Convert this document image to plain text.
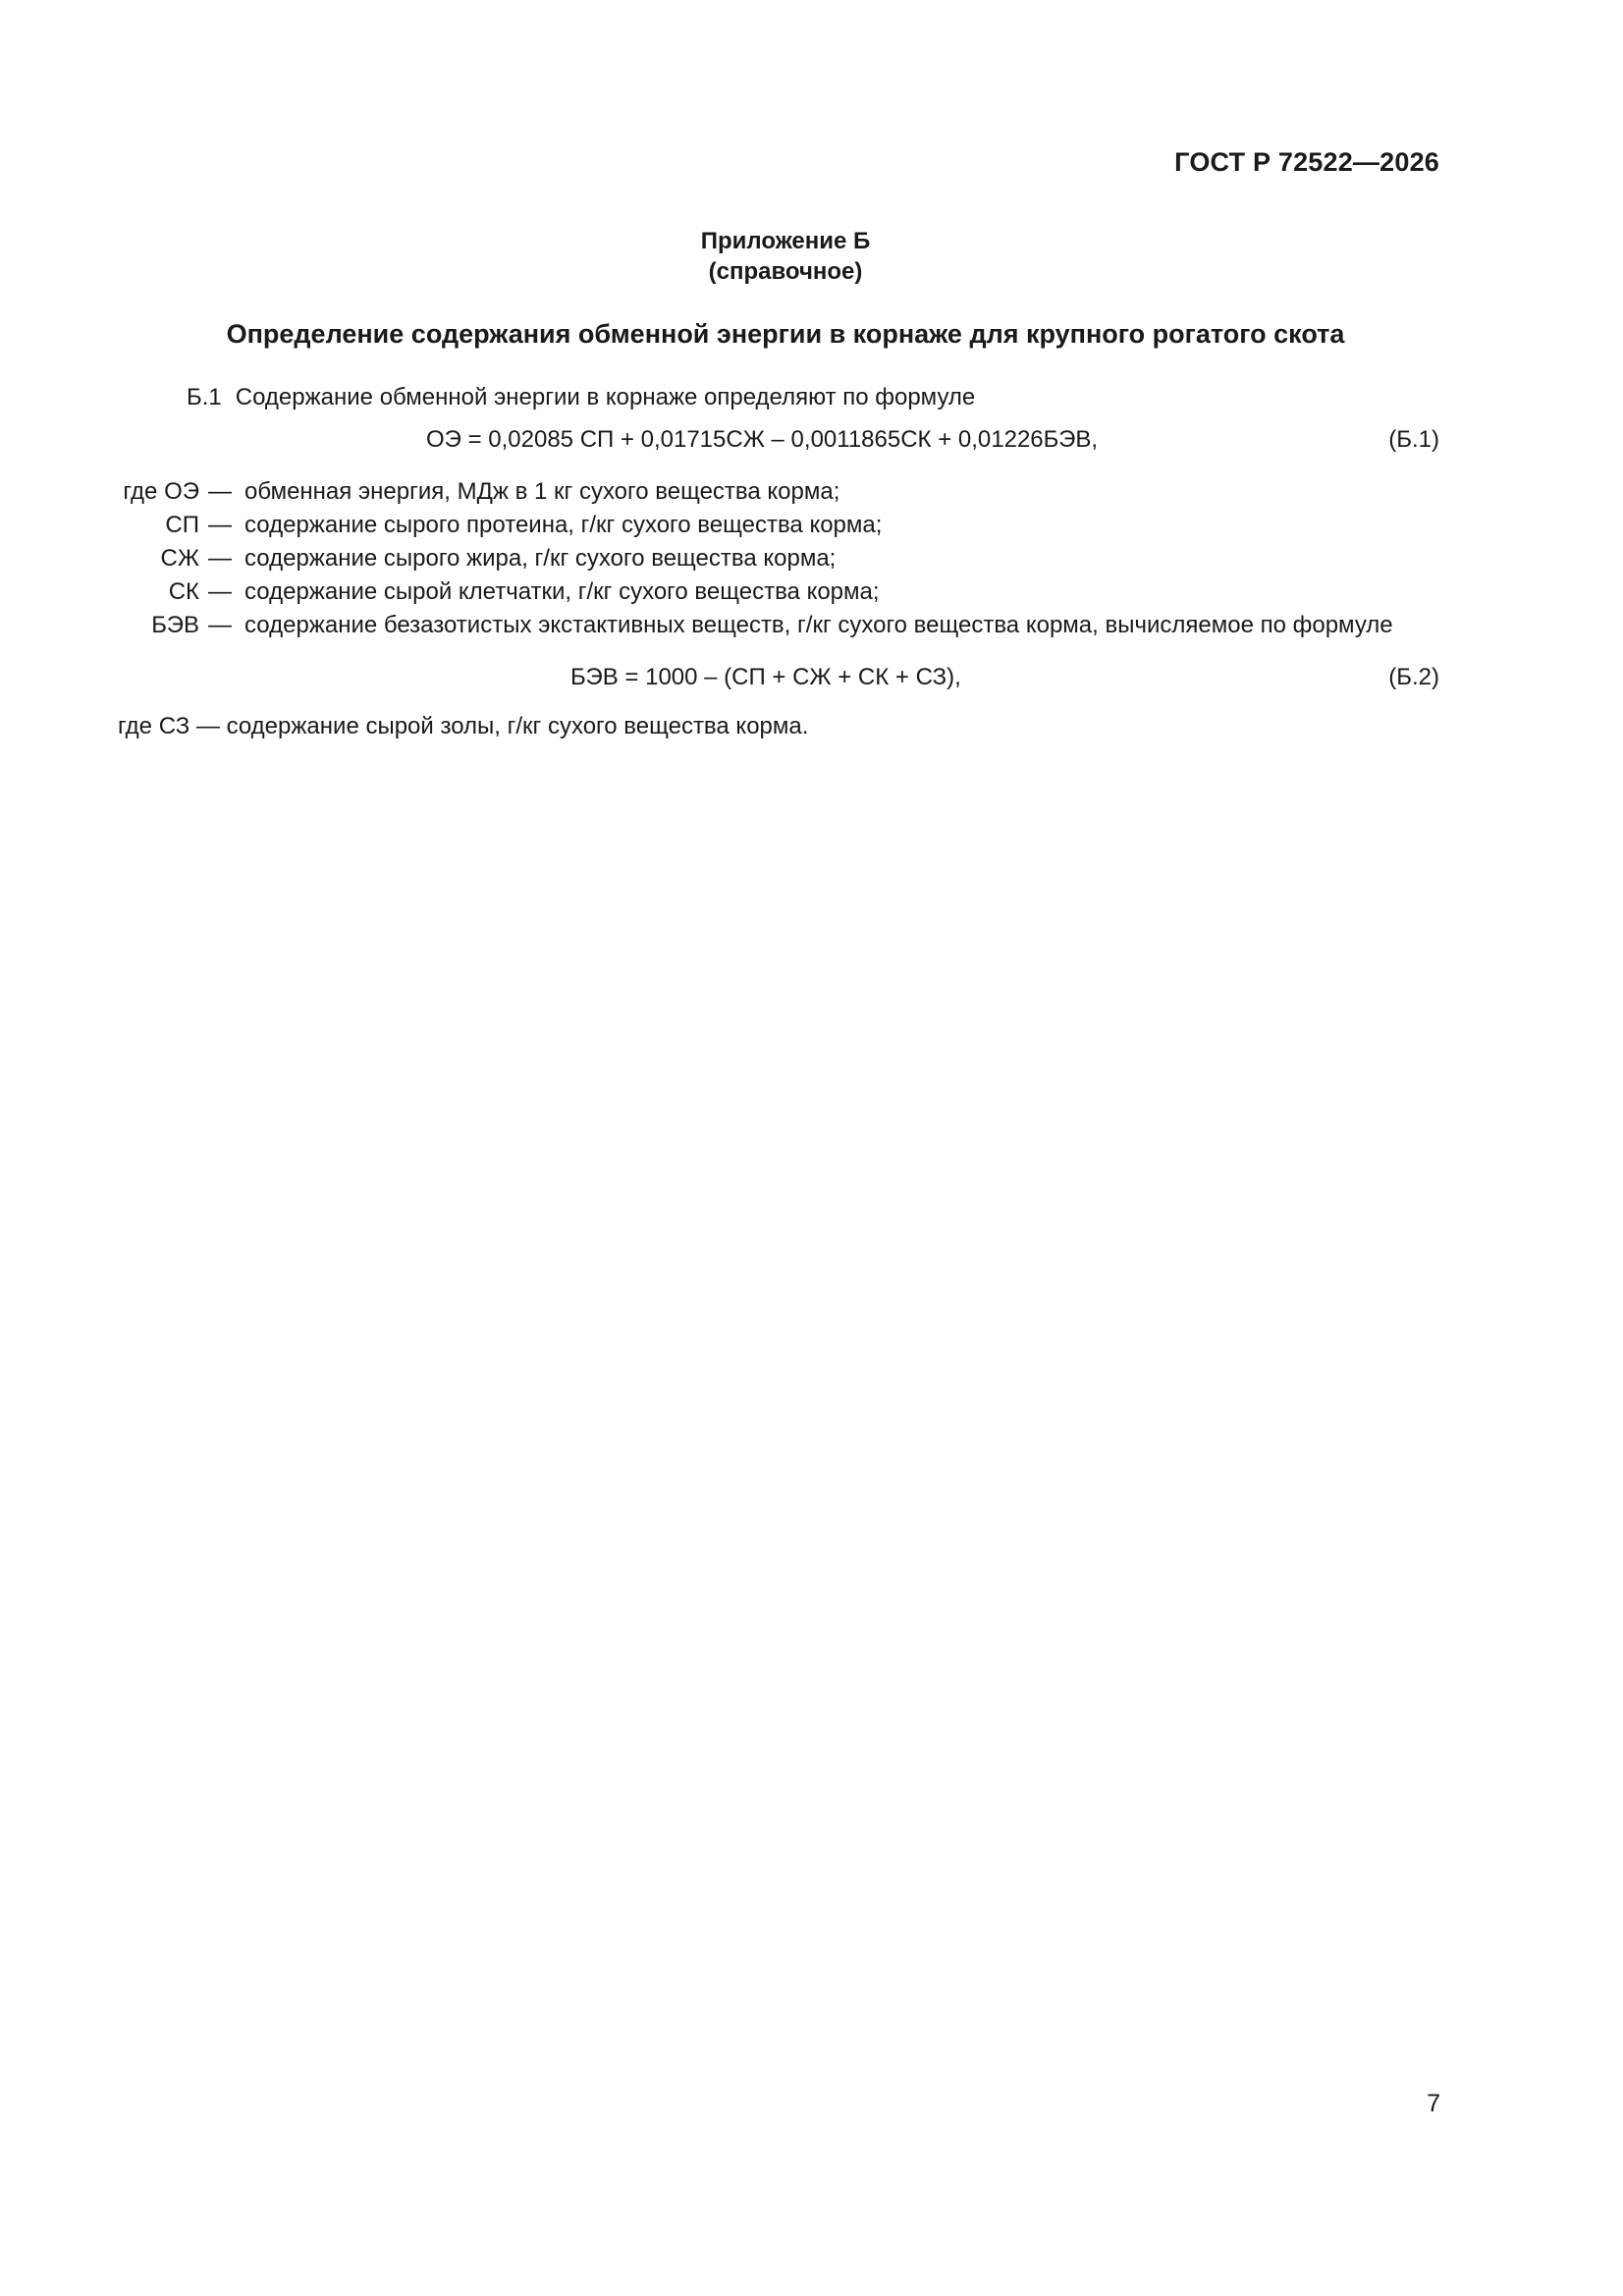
ГОСТ Р 72522—2026
Приложение Б
(справочное)
Определение содержания обменной энергии в корнаже для крупного рогатого скота
Б.1 Содержание обменной энергии в корнаже определяют по формуле
ОЭ = 0,02085 СП + 0,01715СЖ – 0,0011865СК + 0,01226БЭВ,	(Б.1)
где ОЭ — обменная энергия, МДж в 1 кг сухого вещества корма;
СП — содержание сырого протеина, г/кг сухого вещества корма;
СЖ — содержание сырого жира, г/кг сухого вещества корма;
СК — содержание сырой клетчатки, г/кг сухого вещества корма;
БЭВ — содержание безазотистых экстактивных веществ, г/кг сухого вещества корма, вычисляемое по формуле
БЭВ = 1000 – (СП + СЖ + СК + СЗ),	(Б.2)
где СЗ — содержание сырой золы, г/кг сухого вещества корма.
7
